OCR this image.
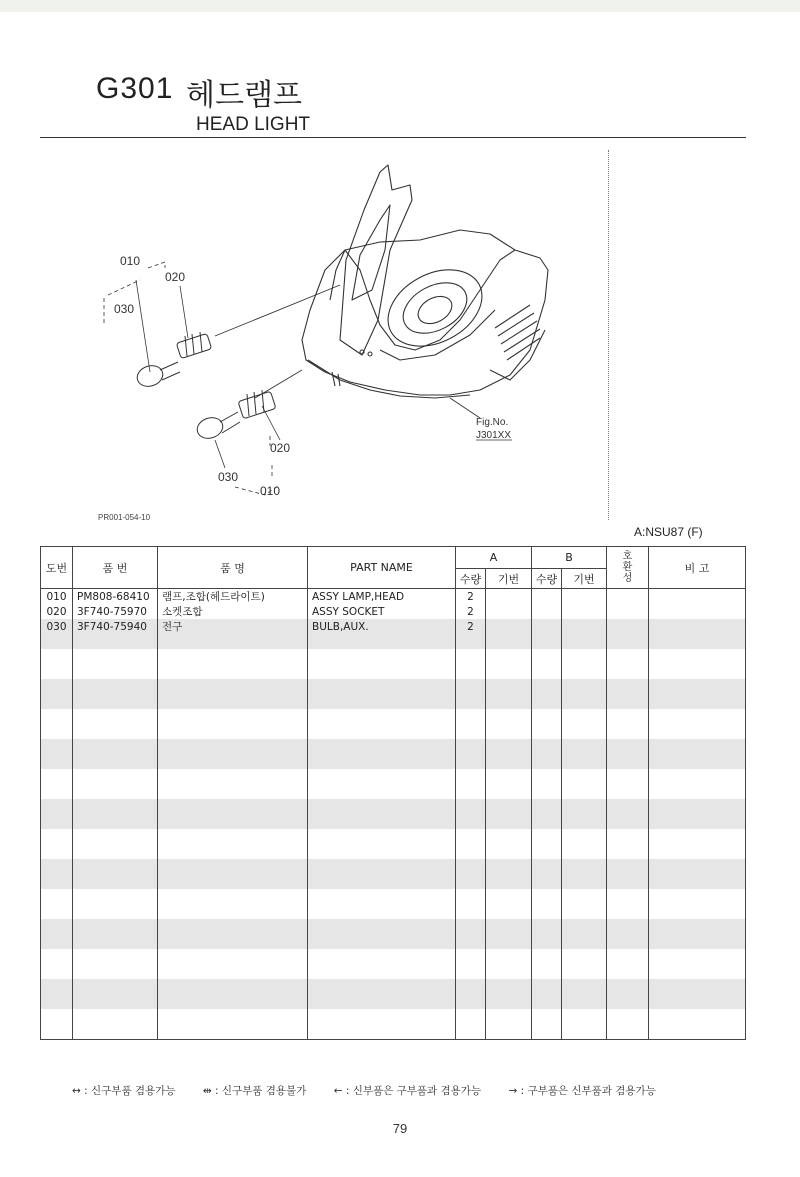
G301 헤드램프
HEAD LIGHT
010
020
030
020
030
010
Fig.No.
J301XX
PR001-054-10
A:NSU87 (F)
도번	품 번	품 명	PART NAME	A		B		호환성	비 고
				수량	기번	수량	기번		
010	PM808-68410	램프,조합(헤드라이트)	ASSY LAMP,HEAD	2					
020	3F740-75970	소켓조합	ASSY SOCKET	2					
030	3F740-75940	전구	BULB,AUX.	2					

↔ : 신구부품 겸용가능	⇹ : 신구부품 겸용불가	← : 신부품은 구부품과 겸용가능	→ : 구부품은 신부품과 겸용가능
79
